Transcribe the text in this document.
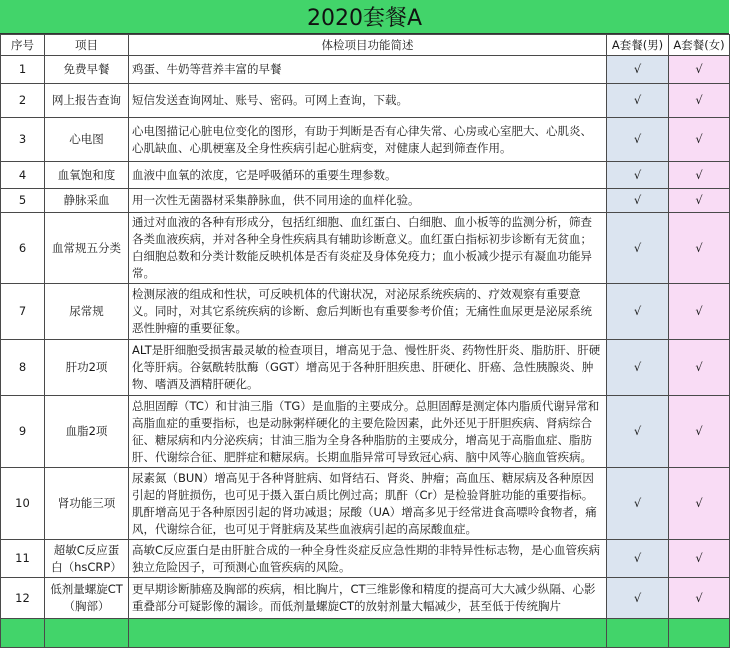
2020套餐A
序号	项目	体检项目功能简述	A套餐(男)	A套餐(女)
1	免费早餐	鸡蛋、牛奶等营养丰富的早餐	√	√
2	网上报告查询	短信发送查询网址、账号、密码。可网上查询，下载。	√	√
3	心电图	心电图描记心脏电位变化的图形，有助于判断是否有心律失常、心房或心室肥大、心肌炎、心肌缺血、心肌梗塞及全身性疾病引起心脏病变，对健康人起到筛查作用。	√	√
4	血氧饱和度	血液中血氧的浓度，它是呼吸循环的重要生理参数。	√	√
5	静脉采血	用一次性无菌器材采集静脉血，供不同用途的血样化验。	√	√
6	血常规五分类	通过对血液的各种有形成分，包括红细胞、血红蛋白、白细胞、血小板等的监测分析，筛查各类血液疾病，并对各种全身性疾病具有辅助诊断意义。血红蛋白指标初步诊断有无贫血；白细胞总数和分类计数能反映机体是否有炎症及身体免疫力；血小板减少提示有凝血功能异常。	√	√
7	尿常规	检测尿液的组成和性状，可反映机体的代谢状况，对泌尿系统疾病的、疗效观察有重要意义。同时，对其它系统疾病的诊断、愈后判断也有重要参考价值；无痛性血尿更是泌尿系统恶性肿瘤的重要征象。	√	√
8	肝功2项	ALT是肝细胞受损害最灵敏的检查项目，增高见于急、慢性肝炎、药物性肝炎、脂肪肝、肝硬化等肝病。谷氨酰转肽酶（GGT）增高见于各种肝胆疾患、肝硬化、肝癌、急性胰腺炎、肿物、嗜酒及酒精肝硬化。	√	√
9	血脂2项	总胆固醇（TC）和甘油三脂（TG）是血脂的主要成分。总胆固醇是测定体内脂质代谢异常和高脂血症的重要指标，也是动脉粥样硬化的主要危险因素，此外还见于肝胆疾病、肾病综合征、糖尿病和内分泌疾病；甘油三脂为全身各种脂肪的主要成分，增高见于高脂血症、脂肪肝、代谢综合征、肥胖症和糖尿病。长期血脂异常可导致冠心病、脑中风等心脑血管疾病。	√	√
10	肾功能三项	尿素氮（BUN）增高见于各种肾脏病、如肾结石、肾炎、肿瘤；高血压、糖尿病及各种原因引起的肾脏损伤，也可见于摄入蛋白质比例过高；肌酐（Cr）是检验肾脏功能的重要指标。肌酐增高见于各种原因引起的肾功减退；尿酸（UA）增高多见于经常进食高嘌呤食物者，痛风，代谢综合征，也可见于肾脏病及某些血液病引起的高尿酸血症。	√	√
11	超敏C反应蛋白（hsCRP）	高敏C反应蛋白是由肝脏合成的一种全身性炎症反应急性期的非特异性标志物，是心血管疾病独立危险因子，可预测心血管疾病的风险。	√	√
12	低剂量螺旋CT（胸部）	更早期诊断肺癌及胸部的疾病，相比胸片，CT三维影像和精度的提高可大大减少纵隔、心影重叠部分可疑影像的漏诊。而低剂量螺旋CT的放射剂量大幅减少，甚至低于传统胸片	√	√
